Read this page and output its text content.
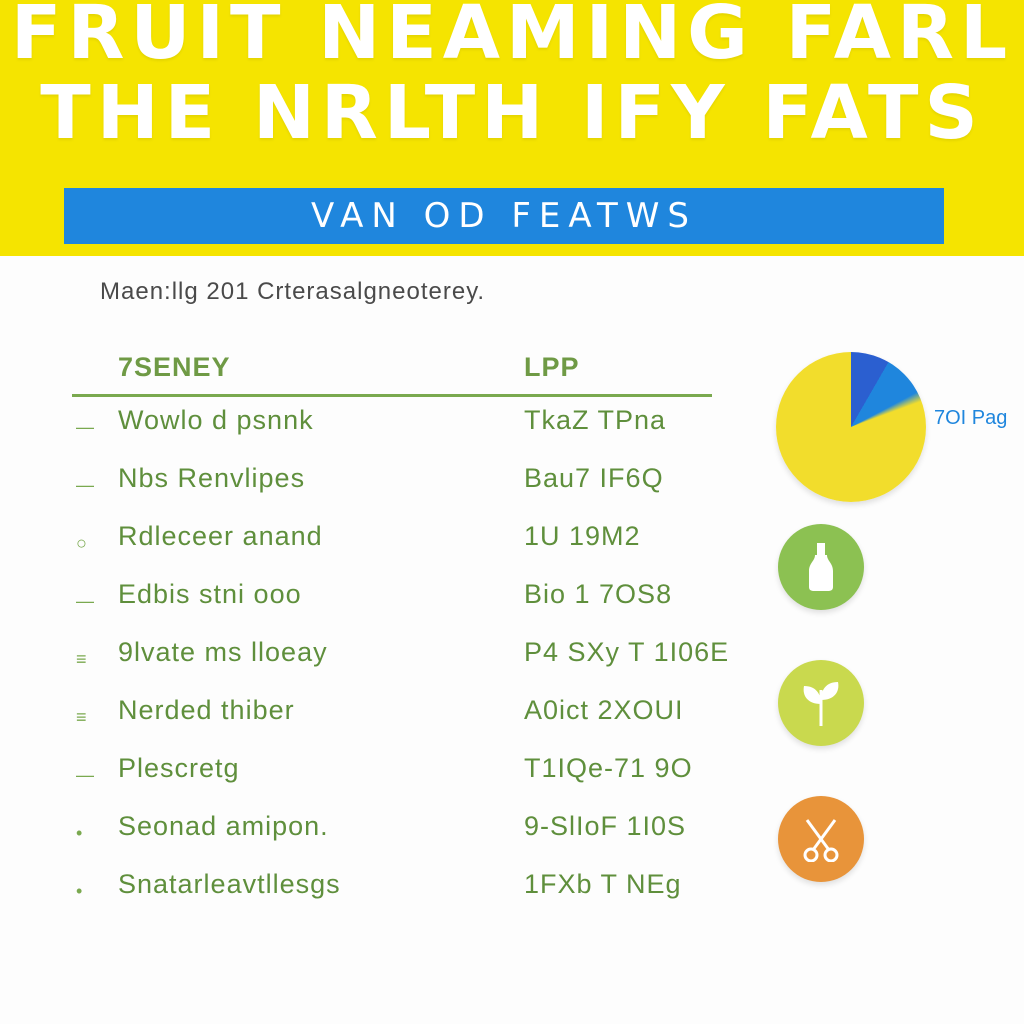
FRUIT NEAMING FARL
THE NRLTH IFY FATS
VAN OD FEATWS
Maen:llg 201 Crterasalgneoterey.
7SENEY	LPP
— Wowlo d psnnk	TkaZ TPna
— Nbs Renvlipes	Bau7 IF6Q
○	Rdleceer anand	1U 19M2
— Edbis stni ooo	Bio 1 7OS8
≡	9lvate ms lloeay	P4 SXy T 1I06E
≡	Nerded thiber	A0ict 2XOUI
— Plescretg	T1IQe-71 9O
•	Seonad amipon.	9-SlIoF 1I0S
•	Snatarleavtllesgs	1FXb T NEg
7OI Pag
